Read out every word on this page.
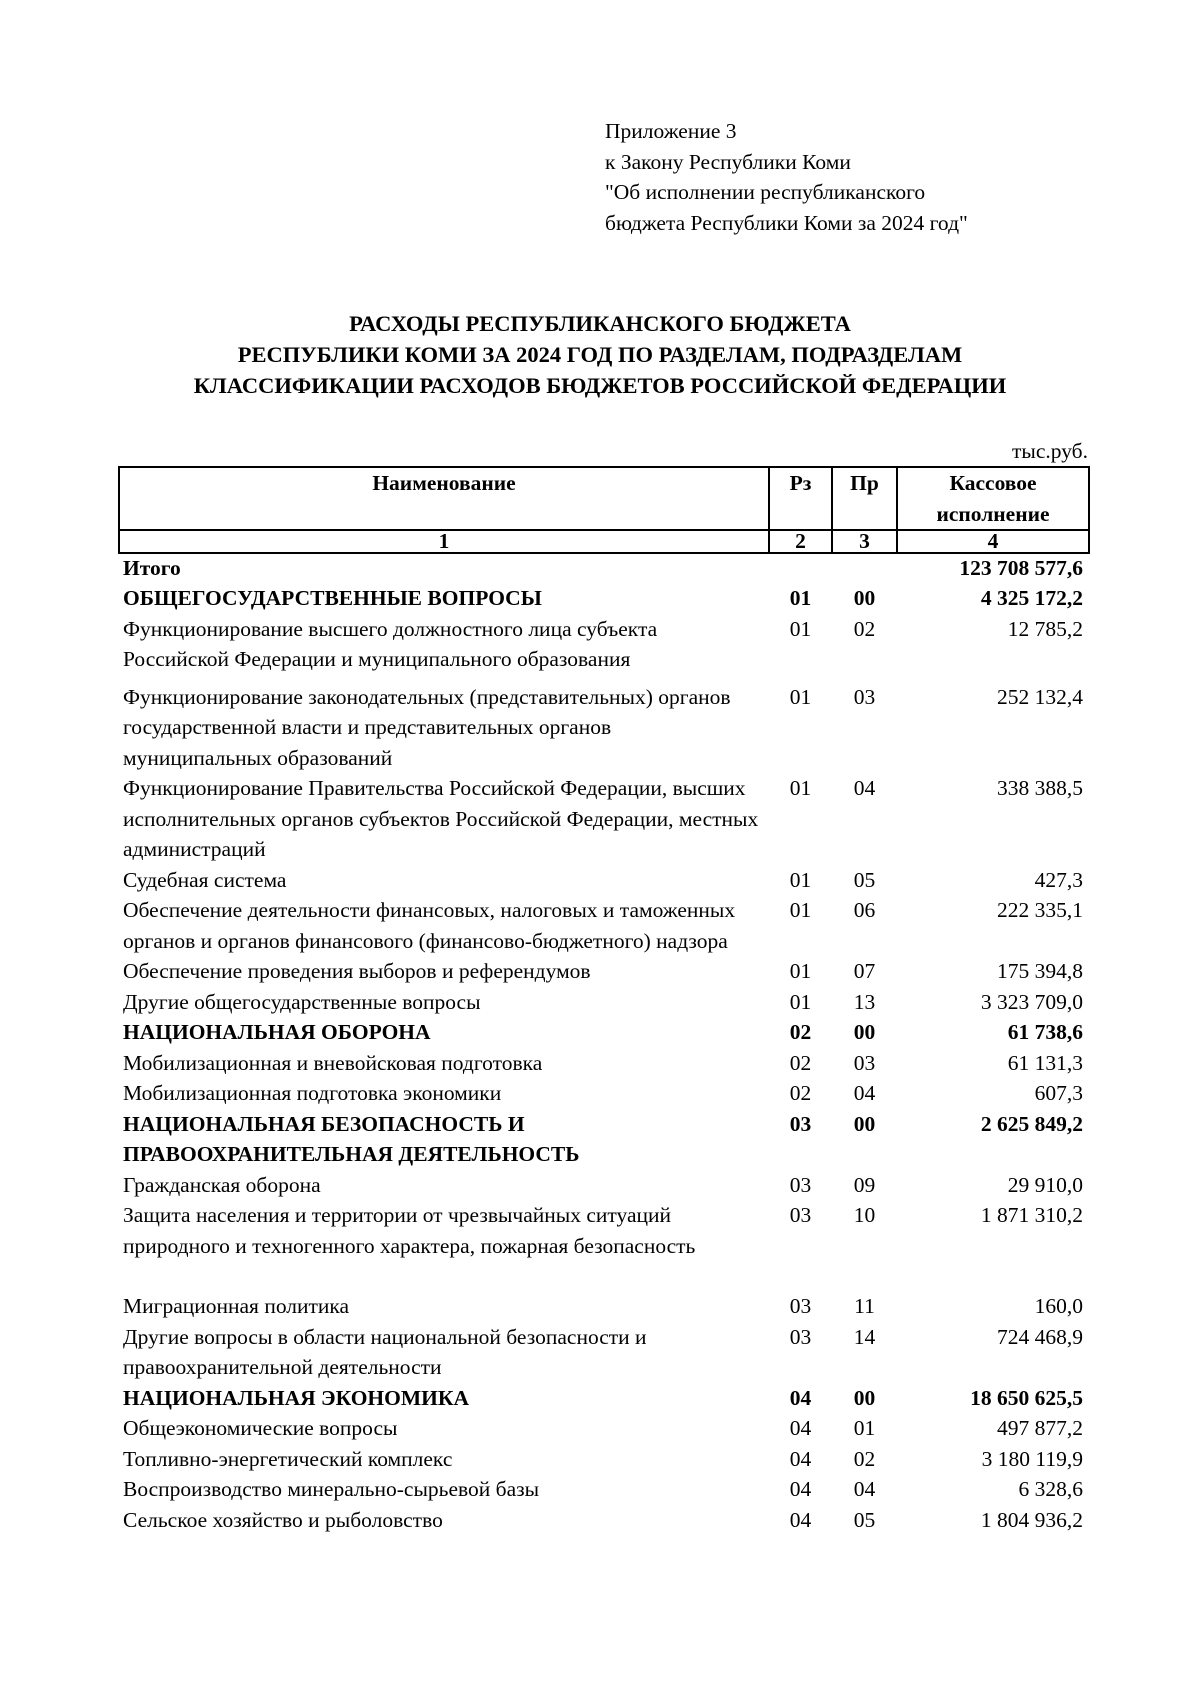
Приложение 3
к Закону Республики Коми
"Об исполнении республиканского
бюджета Республики Коми за 2024 год"
РАСХОДЫ РЕСПУБЛИКАНСКОГО БЮДЖЕТА
РЕСПУБЛИКИ КОМИ ЗА 2024 ГОД ПО РАЗДЕЛАМ, ПОДРАЗДЕЛАМ
КЛАССИФИКАЦИИ РАСХОДОВ БЮДЖЕТОВ РОССИЙСКОЙ ФЕДЕРАЦИИ
тыс.руб.
Наименование	Рз	Пр	Кассовое
исполнение

1	2	3	4
Итого			123 708 577,6
ОБЩЕГОСУДАРСТВЕННЫЕ ВОПРОСЫ	01	00	4 325 172,2
Функционирование высшего должностного лица субъекта Российской Федерации и муниципального образования	01	02	12 785,2
Функционирование законодательных (представительных) органов государственной власти и представительных органов муниципальных образований	01	03	252 132,4
Функционирование Правительства Российской Федерации, высших исполнительных органов субъектов Российской Федерации, местных администраций	01	04	338 388,5
Судебная система	01	05	427,3
Обеспечение деятельности финансовых, налоговых и таможенных органов и органов финансового (финансово-бюджетного) надзора	01	06	222 335,1
Обеспечение проведения выборов и референдумов	01	07	175 394,8
Другие общегосударственные вопросы	01	13	3 323 709,0
НАЦИОНАЛЬНАЯ ОБОРОНА	02	00	61 738,6
Мобилизационная и вневойсковая подготовка	02	03	61 131,3
Мобилизационная подготовка экономики	02	04	607,3
НАЦИОНАЛЬНАЯ БЕЗОПАСНОСТЬ И ПРАВООХРАНИТЕЛЬНАЯ ДЕЯТЕЛЬНОСТЬ	03	00	2 625 849,2
Гражданская оборона	03	09	29 910,0
Защита населения и территории от чрезвычайных ситуаций природного и техногенного характера, пожарная безопасность	03	10	1 871 310,2
Миграционная политика	03	11	160,0
Другие вопросы в области национальной безопасности и правоохранительной деятельности	03	14	724 468,9
НАЦИОНАЛЬНАЯ ЭКОНОМИКА	04	00	18 650 625,5
Общеэкономические вопросы	04	01	497 877,2
Топливно-энергетический комплекс	04	02	3 180 119,9
Воспроизводство минерально-сырьевой базы	04	04	6 328,6
Сельское хозяйство и рыболовство	04	05	1 804 936,2
